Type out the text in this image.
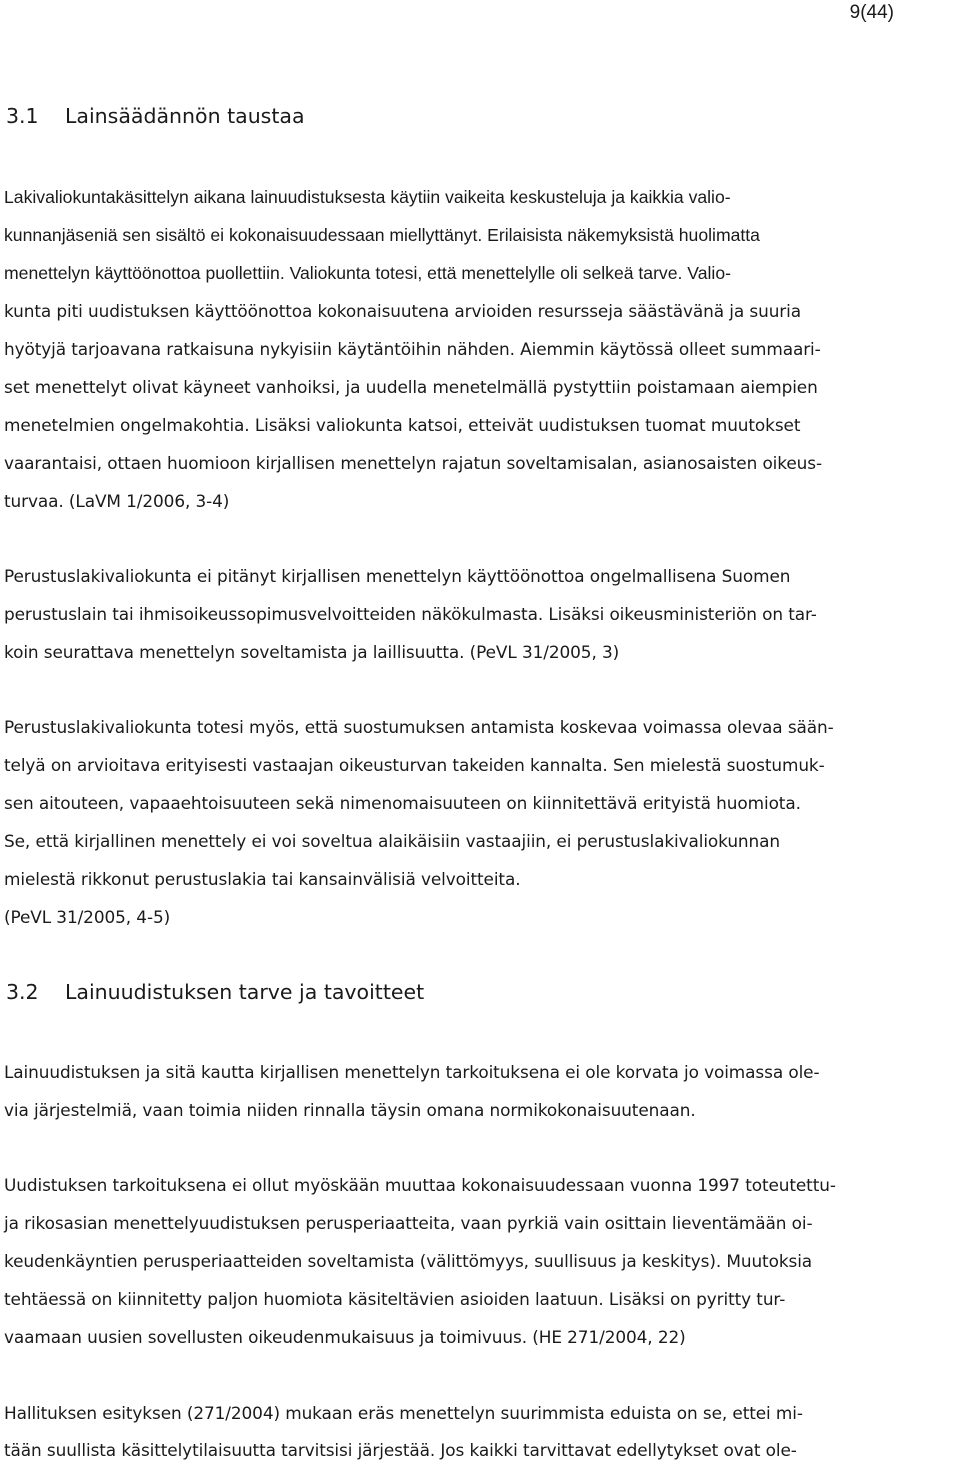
9(44)
3.1 Lainsäädännön taustaa
Lakivaliokuntakäsittelyn aikana lainuudistuksesta käytiin vaikeita keskusteluja ja kaikkia valio-
kunnanjäseniä sen sisältö ei kokonaisuudessaan miellyttänyt. Erilaisista näkemyksistä huolimatta
menettelyn käyttöönottoa puollettiin. Valiokunta totesi, että menettelylle oli selkeä tarve. Valio-
kunta piti uudistuksen käyttöönottoa kokonaisuutena arvioiden resursseja säästävänä ja suuria
hyötyjä tarjoavana ratkaisuna nykyisiin käytäntöihin nähden. Aiemmin käytössä olleet summaari-
set menettelyt olivat käyneet vanhoiksi, ja uudella menetelmällä pystyttiin poistamaan aiempien
menetelmien ongelmakohtia. Lisäksi valiokunta katsoi, etteivät uudistuksen tuomat muutokset
vaarantaisi, ottaen huomioon kirjallisen menettelyn rajatun soveltamisalan, asianosaisten oikeus-
turvaa. (LaVM 1/2006, 3-4)
Perustuslakivaliokunta ei pitänyt kirjallisen menettelyn käyttöönottoa ongelmallisena Suomen
perustuslain tai ihmisoikeussopimusvelvoitteiden näkökulmasta. Lisäksi oikeusministeriön on tar-
koin seurattava menettelyn soveltamista ja laillisuutta. (PeVL 31/2005, 3)
Perustuslakivaliokunta totesi myös, että suostumuksen antamista koskevaa voimassa olevaa sään-
telyä on arvioitava erityisesti vastaajan oikeusturvan takeiden kannalta. Sen mielestä suostumuk-
sen aitouteen, vapaaehtoisuuteen sekä nimenomaisuuteen on kiinnitettävä erityistä huomiota.
Se, että kirjallinen menettely ei voi soveltua alaikäisiin vastaajiin, ei perustuslakivaliokunnan
mielestä rikkonut perustuslakia tai kansainvälisiä velvoitteita.
(PeVL 31/2005, 4-5)
3.2 Lainuudistuksen tarve ja tavoitteet
Lainuudistuksen ja sitä kautta kirjallisen menettelyn tarkoituksena ei ole korvata jo voimassa ole-
via järjestelmiä, vaan toimia niiden rinnalla täysin omana normikokonaisuutenaan.
Uudistuksen tarkoituksena ei ollut myöskään muuttaa kokonaisuudessaan vuonna 1997 toteutettu-
ja rikosasian menettelyuudistuksen perusperiaatteita, vaan pyrkiä vain osittain lieventämään oi-
keudenkäyntien perusperiaatteiden soveltamista (välittömyys, suullisuus ja keskitys). Muutoksia
tehtäessä on kiinnitetty paljon huomiota käsiteltävien asioiden laatuun. Lisäksi on pyritty tur-
vaamaan uusien sovellusten oikeudenmukaisuus ja toimivuus. (HE 271/2004, 22)
Hallituksen esityksen (271/2004) mukaan eräs menettelyn suurimmista eduista on se, ettei mi-
tään suullista käsittelytilaisuutta tarvitsisi järjestää. Jos kaikki tarvittavat edellytykset ovat ole-
